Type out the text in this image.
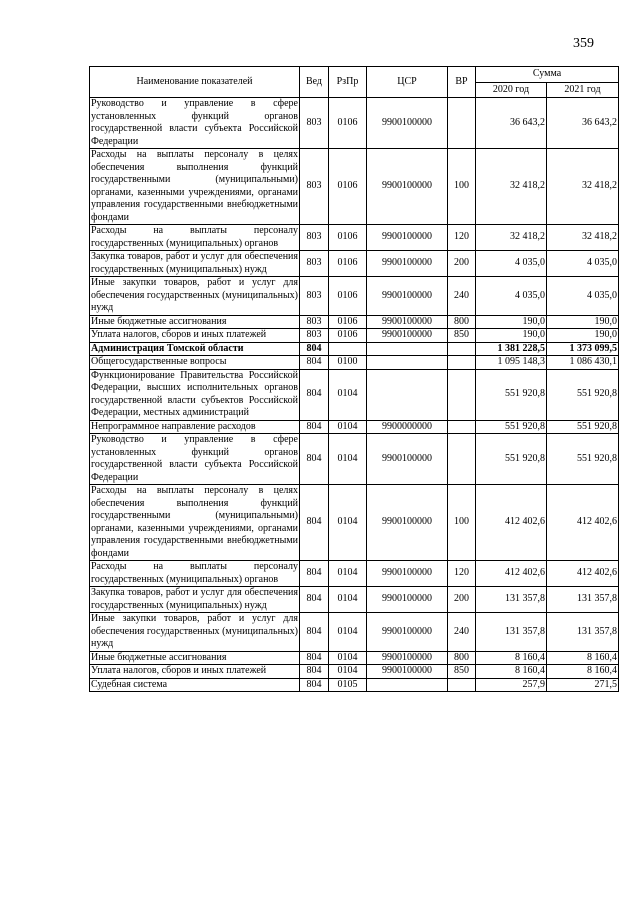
359
Наименование показателей	Вед	РзПр	ЦСР	ВР	Сумма	
					2020 год	2021 год
Руководство и управление в сфере установленных функций органов государственной власти субъекта Российской Федерации	803	0106	9900100000		36 643,2	36 643,2
Расходы на выплаты персоналу в целях обеспечения выполнения функций государственными (муниципальными) органами, казенными учреждениями, органами управления государственными внебюджетными фондами	803	0106	9900100000	100	32 418,2	32 418,2
Расходы на выплаты персоналу государственных (муниципальных) органов	803	0106	9900100000	120	32 418,2	32 418,2
Закупка товаров, работ и услуг для обеспечения государственных (муниципальных) нужд	803	0106	9900100000	200	4 035,0	4 035,0
Иные закупки товаров, работ и услуг для обеспечения государственных (муниципальных) нужд	803	0106	9900100000	240	4 035,0	4 035,0
Иные бюджетные ассигнования	803	0106	9900100000	800	190,0	190,0
Уплата налогов, сборов и иных платежей	803	0106	9900100000	850	190,0	190,0
Администрация Томской области	804				1 381 228,5	1 373 099,5
Общегосударственные вопросы	804	0100			1 095 148,3	1 086 430,1
Функционирование Правительства Российской Федерации, высших исполнительных органов государственной власти субъектов Российской Федерации, местных администраций	804	0104			551 920,8	551 920,8
Непрограммное направление расходов	804	0104	9900000000		551 920,8	551 920,8
Руководство и управление в сфере установленных функций органов государственной власти субъекта Российской Федерации	804	0104	9900100000		551 920,8	551 920,8
Расходы на выплаты персоналу в целях обеспечения выполнения функций государственными (муниципальными) органами, казенными учреждениями, органами управления государственными внебюджетными фондами	804	0104	9900100000	100	412 402,6	412 402,6
Расходы на выплаты персоналу государственных (муниципальных) органов	804	0104	9900100000	120	412 402,6	412 402,6
Закупка товаров, работ и услуг для обеспечения государственных (муниципальных) нужд	804	0104	9900100000	200	131 357,8	131 357,8
Иные закупки товаров, работ и услуг для обеспечения государственных (муниципальных) нужд	804	0104	9900100000	240	131 357,8	131 357,8
Иные бюджетные ассигнования	804	0104	9900100000	800	8 160,4	8 160,4
Уплата налогов, сборов и иных платежей	804	0104	9900100000	850	8 160,4	8 160,4
Судебная система	804	0105			257,9	271,5
